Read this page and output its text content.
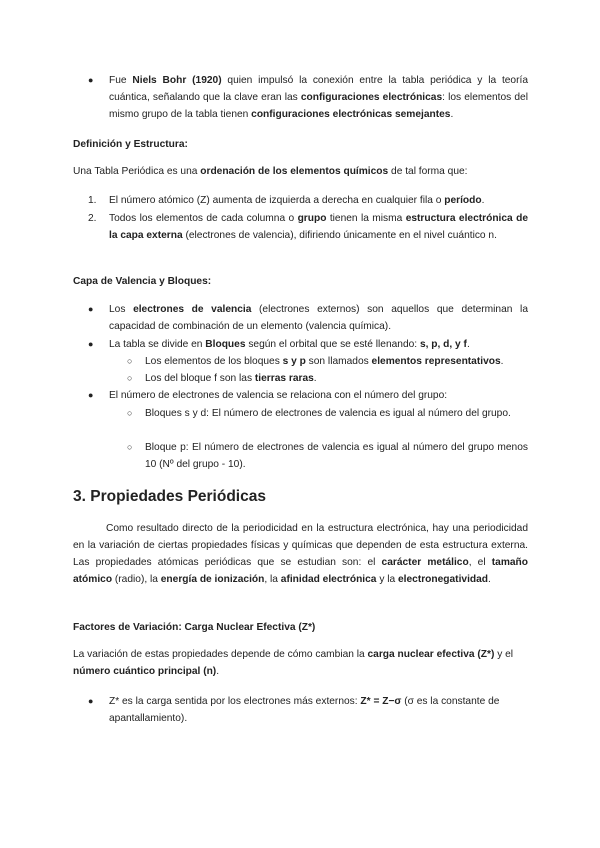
● Fue Niels Bohr (1920) quien impulsó la conexión entre la tabla periódica y la teoría cuántica, señalando que la clave eran las configuraciones electrónicas: los elementos del mismo grupo de la tabla tienen configuraciones electrónicas semejantes.

Definición y Estructura:

Una Tabla Periódica es una ordenación de los elementos químicos de tal forma que:

1. El número atómico (Z) aumenta de izquierda a derecha en cualquier fila o período.

2. Todos los elementos de cada columna o grupo tienen la misma estructura electrónica de la capa externa (electrones de valencia), difiriendo únicamente en el nivel cuántico n.

Capa de Valencia y Bloques:
● Los electrones de valencia (electrones externos) son aquellos que determinan la capacidad de combinación de un elemento (valencia química).

● La tabla se divide en Bloques según el orbital que se esté llenando: s, p, d, y f.

○ Los elementos de los bloques s y p son llamados elementos representativos.

○ Los del bloque f son las tierras raras.

● El número de electrones de valencia se relaciona con el número del grupo:

○ Bloques s y d: El número de electrones de valencia es igual al número del grupo.

○ Bloque p: El número de electrones de valencia es igual al número del grupo menos 10 (Nº del grupo - 10).

3. Propiedades Periódicas

Como resultado directo de la periodicidad en la estructura electrónica, hay una periodicidad en la variación de ciertas propiedades físicas y químicas que dependen de esta estructura externa. Las propiedades atómicas periódicas que se estudian son: el carácter metálico, el tamaño atómico (radio), la energía de ionización, la afinidad electrónica y la electronegatividad.

Factores de Variación: Carga Nuclear Efectiva (Z*)

La variación de estas propiedades depende de cómo cambian la carga nuclear efectiva (Z*) y el número cuántico principal (n).

● Z* es la carga sentida por los electrones más externos: Z* = Z−σ (σ es la constante de apantallamiento).
